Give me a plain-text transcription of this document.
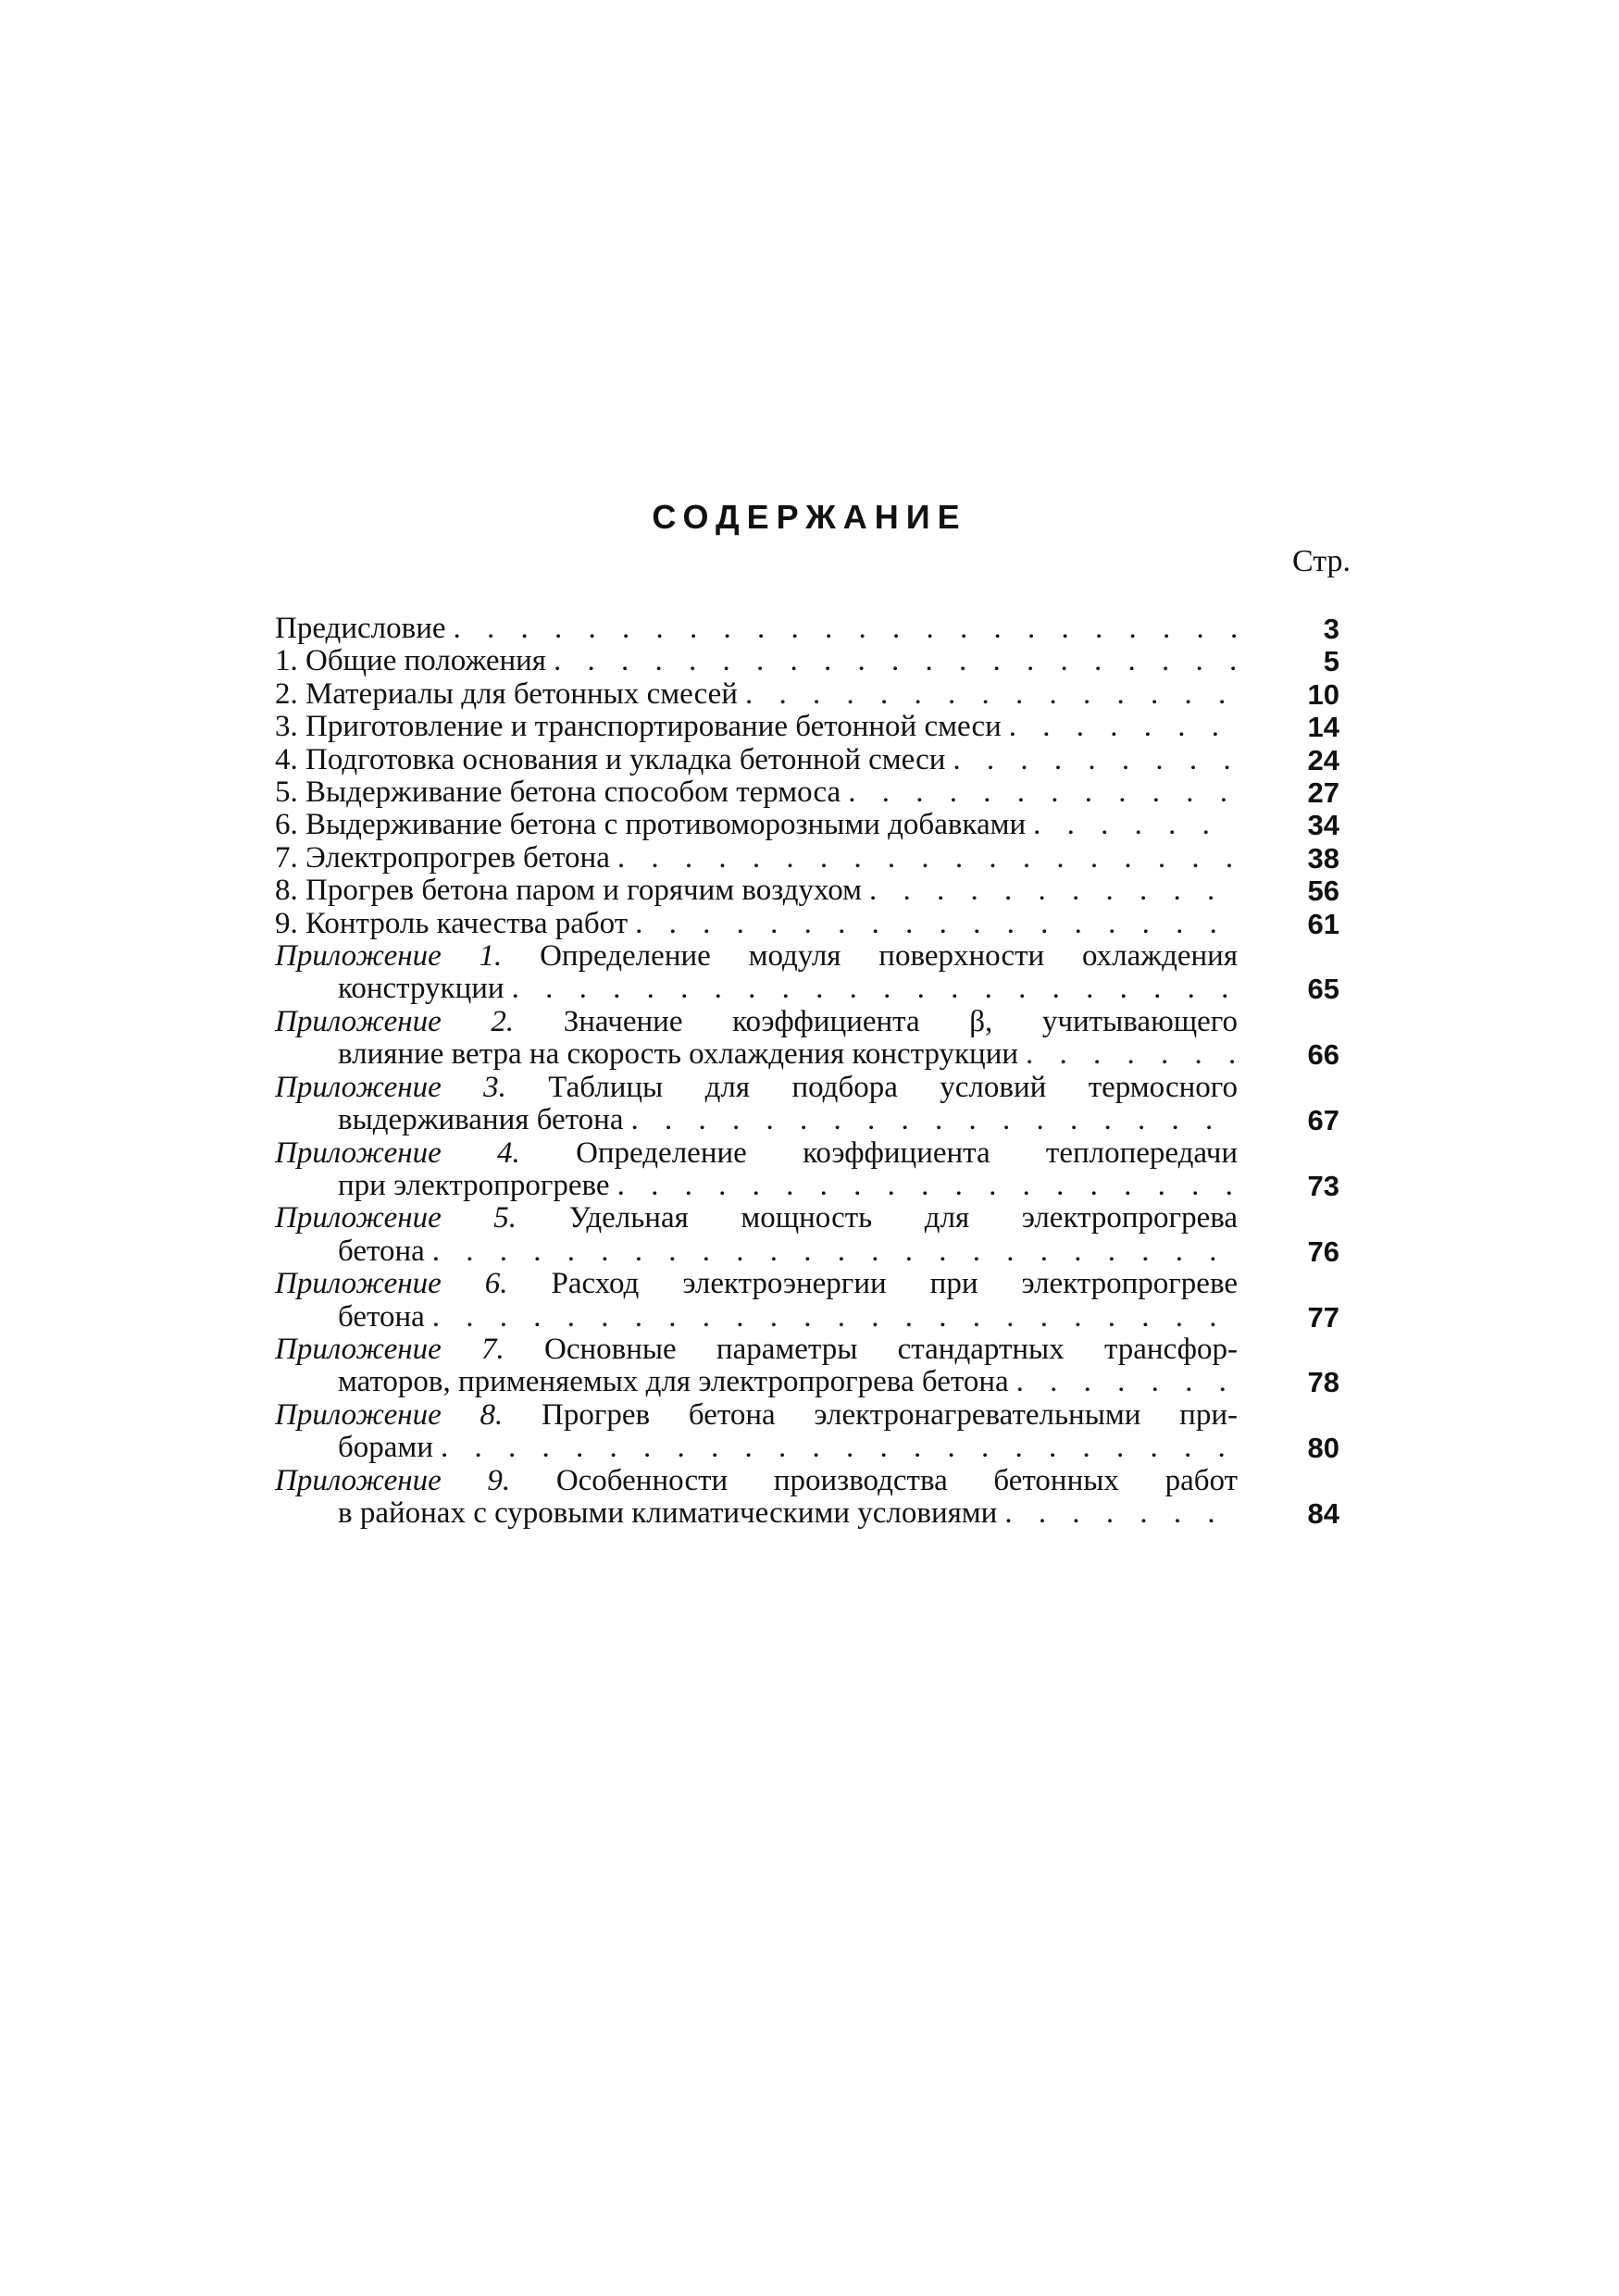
СОДЕРЖАНИЕ
Стр.
Предисловие . . .	3
1. Общие положения . . .	5
2. Материалы для бетонных смесей . . .	10
3. Приготовление и транспортирование бетонной смеси . . .	14
4. Подготовка основания и укладка бетонной смеси . . .	24
5. Выдерживание бетона способом термоса . . .	27
6. Выдерживание бетона с противоморозными добавками . . .	34
7. Электропрогрев бетона . . .	38
8. Прогрев бетона паром и горячим воздухом . . .	56
9. Контроль качества работ . . .	61
Приложение 1. Определение модуля поверхности охлаждения
конструкции . . .	65
Приложение 2. Значение коэффициента β, учитывающего
влияние ветра на скорость охлаждения конструкции . . .	66
Приложение 3. Таблицы для подбора условий термосного
выдерживания бетона . . .	67
Приложение 4. Определение коэффициента теплопередачи
при электропрогреве . . .	73
Приложение 5. Удельная мощность для электропрогрева
бетона . . .	76
Приложение 6. Расход электроэнергии при электропрогреве
бетона . . .	77
Приложение 7. Основные параметры стандартных трансфор-
маторов, применяемых для электропрогрева бетона . . .	78
Приложение 8. Прогрев бетона электронагревательными при-
борами . . .	80
Приложение 9. Особенности производства бетонных работ
в районах с суровыми климатическими условиями . . .	84
